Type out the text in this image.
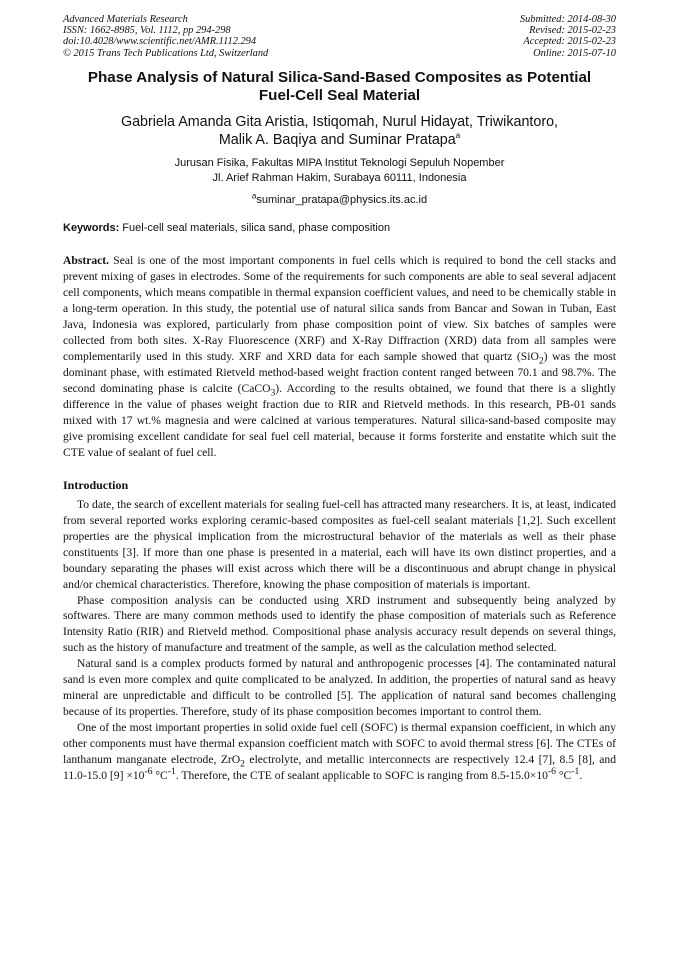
Advanced Materials Research
ISSN: 1662-8985, Vol. 1112, pp 294-298
doi:10.4028/www.scientific.net/AMR.1112.294
© 2015 Trans Tech Publications Ltd, Switzerland
Submitted: 2014-08-30
Revised: 2015-02-23
Accepted: 2015-02-23
Online: 2015-07-10
Phase Analysis of Natural Silica-Sand-Based Composites as Potential
Fuel-Cell Seal Material
Gabriela Amanda Gita Aristia, Istiqomah, Nurul Hidayat, Triwikantoro,
Malik A. Baqiya and Suminar Pratapa$^a$
Jurusan Fisika, Fakultas MIPA Institut Teknologi Sepuluh Nopember
Jl. Arief Rahman Hakim, Surabaya 60111, Indonesia
$^a$suminar_pratapa@physics.its.ac.id
Keywords: Fuel-cell seal materials, silica sand, phase composition
Abstract. Seal is one of the most important components in fuel cells which is required to bond the cell stacks and prevent mixing of gases in electrodes. Some of the requirements for such components are able to seal several adjacent cell components, which means compatible in thermal expansion coefficient values, and need to be chemically stable in a long-term operation. In this study, the potential use of natural silica sands from Bancar and Sowan in Tuban, East Java, Indonesia was explored, particularly from phase composition point of view. Six batches of samples were collected from both sites. X-Ray Fluorescence (XRF) and X-Ray Diffraction (XRD) data from all samples were complementarily used in this study. XRF and XRD data for each sample showed that quartz (SiO$_2$) was the most dominant phase, with estimated Rietveld method-based weight fraction content ranged between 70.1 and 98.7%. The second dominating phase is calcite (CaCO$_3$). According to the results obtained, we found that there is a slightly difference in the value of phases weight fraction due to RIR and Rietveld methods. In this research, PB-01 sands mixed with 17 wt.% magnesia and were calcined at various temperatures. Natural silica-sand-based composite may give promising excellent candidate for seal fuel cell material, because it forms forsterite and enstatite which suit the CTE value of sealant of fuel cell.
Introduction

To date, the search of excellent materials for sealing fuel-cell has attracted many researchers. It is, at least, indicated from several reported works exploring ceramic-based composites as fuel-cell sealant materials [1,2]. Such excellent properties are the physical implication from the microstructural behavior of the materials as well as their phase constituents [3]. If more than one phase is presented in a material, each will have its own distinct properties, and a boundary separating the phases will exist across which there will be a discontinuous and abrupt change in physical and/or chemical characteristics. Therefore, knowing the phase composition of materials is important.

Phase composition analysis can be conducted using XRD instrument and subsequently being analyzed by softwares. There are many common methods used to identify the phase composition of materials such as Reference Intensity Ratio (RIR) and Rietveld method. Compositional phase analysis accuracy result depends on several things, such as the history of manufacture and treatment of the sample, as well as the calculation method selected.

Natural sand is a complex products formed by natural and anthropogenic processes [4]. The contaminated natural sand is even more complex and quite complicated to be analyzed. In addition, the properties of natural sand as heavy mineral are unpredictable and difficult to be controlled [5]. The application of natural sand becomes challenging because of its properties. Therefore, study of its phase composition becomes important to control them.

One of the most important properties in solid oxide fuel cell (SOFC) is thermal expansion coefficient, in which any other components must have thermal expansion coefficient match with SOFC to avoid thermal stress [6]. The CTEs of lanthanum manganate electrode, ZrO$_2$ electrolyte, and metallic interconnects are respectively 12.4 [7], 8.5 [8], and 11.0-15.0 $[9] \times 10^{-6}$ $^\circ C^{-1}$. Therefore, the CTE of sealant applicable to SOFC is ranging from $8.5-15.0\times 10^{-6}$ $^\circ C^{-1}$.
